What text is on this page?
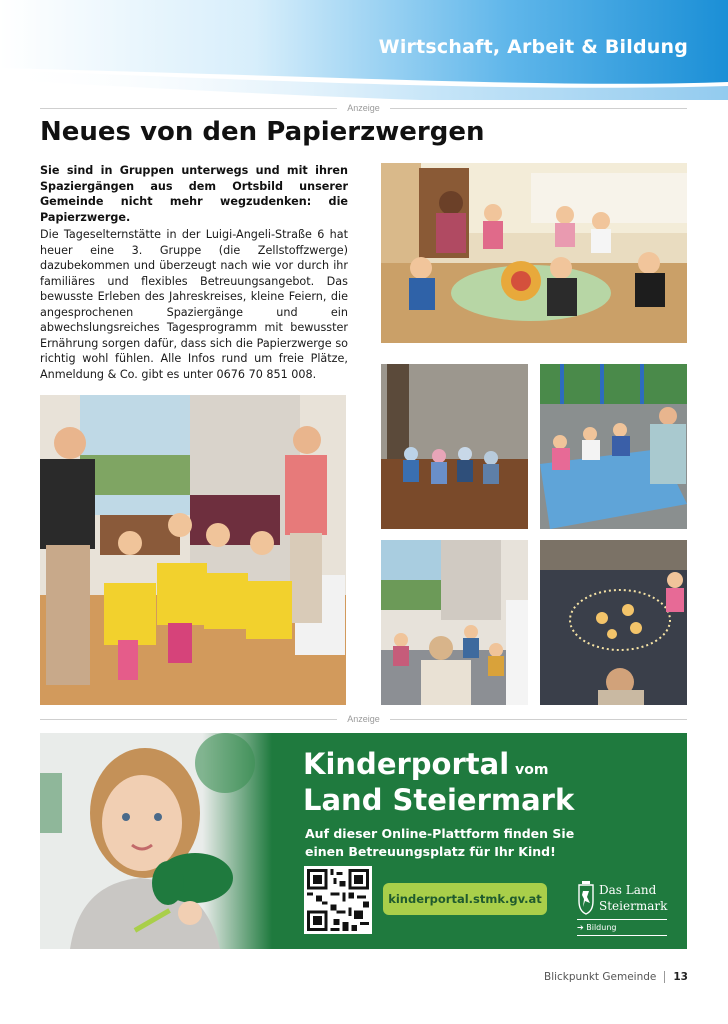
Wirtschaft, Arbeit & Bildung
Anzeige
Neues von den Papierzwergen
Sie sind in Gruppen unterwegs und mit ihren Spaziergängen aus dem Ortsbild unserer Gemeinde nicht mehr wegzudenken: die Papierzwerge.
Die Tageselternstätte in der Luigi-Angeli-Straße 6 hat heuer eine 3. Gruppe (die Zellstoffzwerge) dazubekommen und überzeugt nach wie vor durch ihr familiäres und flexibles Betreuungsangebot. Das bewusste Erleben des Jahreskreises, kleine Feiern, die angesprochenen Spaziergänge und ein abwechslungsreiches Tagesprogramm mit bewusster Ernährung sorgen dafür, dass sich die Papierzwerge so richtig wohl fühlen. Alle Infos rund um freie Plätze, Anmeldung & Co. gibt es unter 0676 70 851 008.
Anzeige
Kinderportal vom
Land Steiermark
Auf dieser Online-Plattform finden Sie einen Betreuungsplatz für Ihr Kind!
kinderportal.stmk.gv.at
Das Land
Steiermark
➔ Bildung
Blickpunkt Gemeinde 13
